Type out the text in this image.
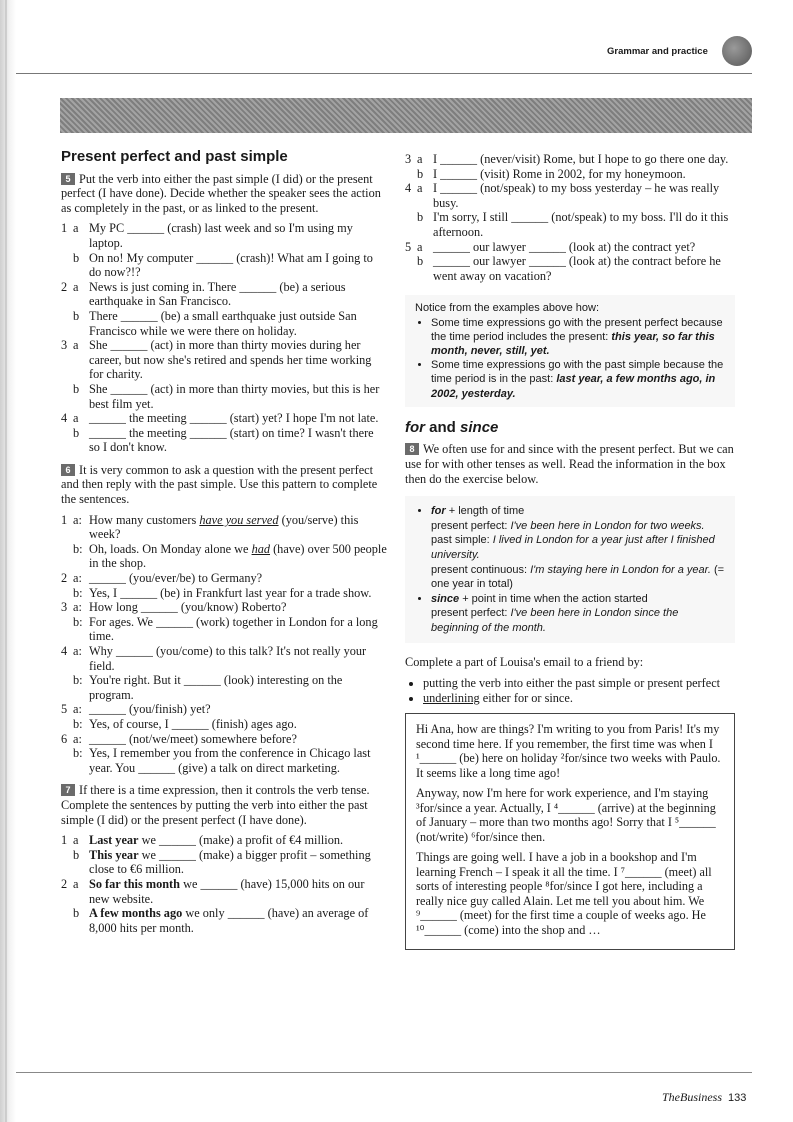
Grammar and practice
Present perfect and past simple

5 Put the verb into either the past simple (I did) or the present perfect (I have done). Decide whether the speaker sees the action as completely in the past, or as linked to the present.

1 a My PC ______ (crash) last week and so I'm using my laptop.
b On no! My computer ______ (crash)! What am I going to do now?!?
2 a News is just coming in. There ______ (be) a serious earthquake in San Francisco.
b There ______ (be) a small earthquake just outside San Francisco while we were there on holiday.
3 a She ______ (act) in more than thirty movies during her career, but now she's retired and spends her time working for charity.
b She ______ (act) in more than thirty movies, but this is her best film yet.
4 a ______ the meeting ______ (start) yet? I hope I'm not late.
b ______ the meeting ______ (start) on time? I wasn't there so I don't know.

6 It is very common to ask a question with the present perfect and then reply with the past simple. Use this pattern to complete the sentences.

1 a: How many customers have you served (you/serve) this week?
b: Oh, loads. On Monday alone we had (have) over 500 people in the shop.
2 a: ______ (you/ever/be) to Germany?
b: Yes, I ______ (be) in Frankfurt last year for a trade show.
3 a: How long ______ (you/know) Roberto?
b: For ages. We ______ (work) together in London for a long time.
4 a: Why ______ (you/come) to this talk? It's not really your field.
b: You're right. But it ______ (look) interesting on the program.
5 a: ______ (you/finish) yet?
b: Yes, of course, I ______ (finish) ages ago.
6 a: ______ (not/we/meet) somewhere before?
b: Yes, I remember you from the conference in Chicago last year. You ______ (give) a talk on direct marketing.

7 If there is a time expression, then it controls the verb tense. Complete the sentences by putting the verb into either the past simple (I did) or the present perfect (I have done).

1 a Last year we ______ (make) a profit of €4 million.
b This year we ______ (make) a bigger profit – something close to €6 million.
2 a So far this month we ______ (have) 15,000 hits on our new website.
b A few months ago we only ______ (have) an average of 8,000 hits per month.
3 a I ______ (never/visit) Rome, but I hope to go there one day.
b I ______ (visit) Rome in 2002, for my honeymoon.
4 a I ______ (not/speak) to my boss yesterday – he was really busy.
b I'm sorry, I still ______ (not/speak) to my boss. I'll do it this afternoon.
5 a ______ our lawyer ______ (look at) the contract yet?
b ______ our lawyer ______ (look at) the contract before he went away on vacation?
Notice from the examples above how:
• Some time expressions go with the present perfect because the time period includes the present: this year, so far this month, never, still, yet.
• Some time expressions go with the past simple because the time period is in the past: last year, a few months ago, in 2002, yesterday.
for and since

8 We often use for and since with the present perfect. But we can use for with other tenses as well. Read the information in the box then do the exercise below.

• for + length of time
present perfect: I've been here in London for two weeks.
past simple: I lived in London for a year just after I finished university.
present continuous: I'm staying here in London for a year. (= one year in total)
• since + point in time when the action started
present perfect: I've been here in London since the beginning of the month.

Complete a part of Louisa's email to a friend by:

• putting the verb into either the past simple or present perfect
• underlining either for or since.

Hi Ana, how are things? I'm writing to you from Paris! It's my second time here. If you remember, the first time was when I ¹______ (be) here on holiday ²for/since two weeks with Paulo. It seems like a long time ago!

Anyway, now I'm here for work experience, and I'm staying ³for/since a year. Actually, I ⁴______ (arrive) at the beginning of January – more than two months ago! Sorry that I ⁵______ (not/write) ⁶for/since then.

Things are going well. I have a job in a bookshop and I'm learning French – I speak it all the time. I ⁷______ (meet) all sorts of interesting people ⁸for/since I got here, including a really nice guy called Alain. Let me tell you about him. We ⁹______ (meet) for the first time a couple of weeks ago. He ¹⁰______ (come) into the shop and …

TheBusiness 133
